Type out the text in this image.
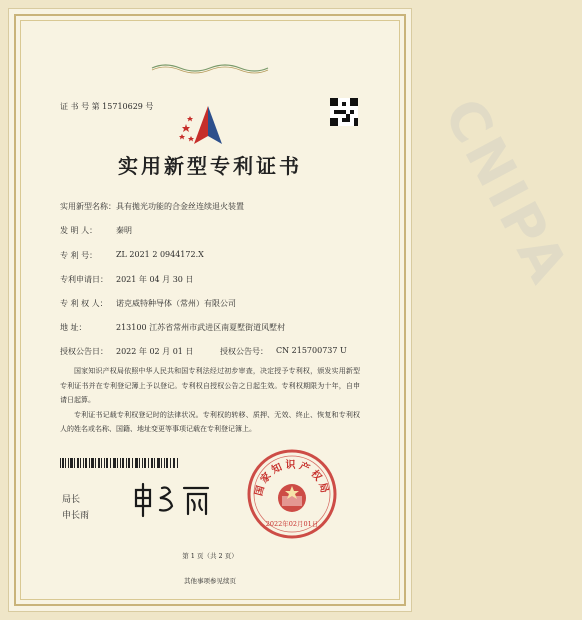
CNIPA
证 书 号 第 15710629 号
实用新型专利证书
实用新型名称： 具有拋光功能的合金丝连续退火装置
发 明 人： 秦明
专 利 号： ZL 2021 2 0944172.X
专利申请日： 2021 年 04 月 30 日
专 利 权 人： 诺克威特种导体（常州）有限公司
地 址：	213100 江苏省常州市武进区南夏墅街道风墅村
授权公告日： 2022 年 02 月 01 日	授权公告号： CN 215700737 U

国家知识产权局依照中华人民共和国专利法经过初步审查，决定授予专利权，颁发实用新型专利证书并在专利登记簿上予以登记。专利权自授权公告之日起生效。专利权期限为十年，自申请日起算。

专利证书记载专利权登记时的法律状况。专利权的转移、质押、无效、终止、恢复和专利权人的姓名或名称、国籍、地址变更等事项记载在专利登记簿上。

局长
申长雨
国家知识产权局
2022年02月01日
第 1 页（共 2 页）
其他事项参见续页
